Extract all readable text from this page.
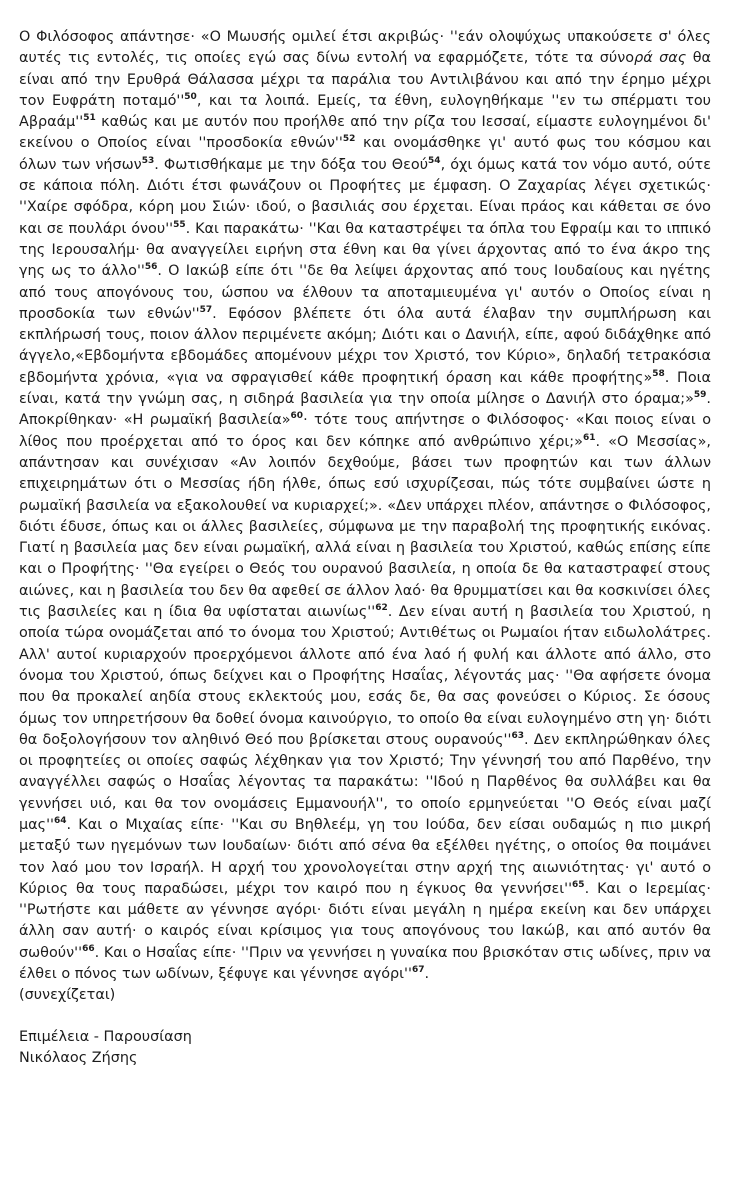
Ο Φιλόσοφος απάντησε· «Ο Μωυσής ομιλεί έτσι ακριβώς· ''εάν ολοψύχως υπακούσετε σ' όλες αυτές τις εντολές, τις οποίες εγώ σας δίνω εντολή να εφαρμόζετε, τότε τα σύνορά σας θα είναι από την Ερυθρά Θάλασσα μέχρι τα παράλια του Αντιλιβάνου και από την έρημο μέχρι τον Ευφράτη $\pi o\tau\alpha\mu ό''^{50}$, και τα λοιπά. Εμείς, τα έθνη, ευλογηθήκαμε ''εν τω σπέρματι του $A\beta\rho\alpha ά\mu''^{51}$ καθώς και με αυτόν που προήλθε από την ρίζα του Ιεσσαί, είμαστε ευλογημένοι δι' εκείνου ο Οποίος είναι ''προσδοκία $\varepsilon\theta\nu ώ\nu''^{52}$ και ονομάσθηκε γι' αυτό φως του κόσμου και όλων των νήσων$^{53}$. Φωτισθήκαμε με την δόξα του Θεού$^{54}$, όχι όμως κατά τον νόμο αυτό, ούτε σε κάποια πόλη. Διότι έτσι φωνάζουν οι Προφήτες με έμφαση. Ο Ζαχαρίας λέγει σχετικώς· ''Χαίρε σφόδρα, κόρη μου Σιών· ιδού, ο βασιλιάς σου έρχεται. Είναι πράος και κάθεται σε όνο και σε πουλάρι $ό\nu o\upsilon''^{55}$. Και παρακάτω· ''Και θα καταστρέψει τα όπλα του Εφραίμ και το ιππικό της Ιερουσαλήμ· θα αναγγείλει ειρήνη στα έθνη και θα γίνει άρχοντας από το ένα άκρο της γης ως το $ά\lambda\lambda o''^{56}$. Ο Ιακώβ είπε ότι ''δε θα λείψει άρχοντας από τους Ιουδαίους και ηγέτης από τους απογόνους του, ώσπου να έλθουν τα αποταμιευμένα γι' αυτόν ο Οποίος είναι η προσδοκία των $\varepsilon\theta\nu ώ\nu''^{57}$. Εφόσον βλέπετε ότι όλα αυτά έλαβαν την συμπλήρωση και εκπλήρωσή τους, ποιον άλλον περιμένετε ακόμη; Διότι και ο Δανιήλ, είπε, αφού διδάχθηκε από άγγελο,«Εβδομήντα εβδομάδες απομένουν μέχρι τον Χριστό, τον Κύριο», δηλαδή τετρακόσια εβδομήντα χρόνια, «για να σφραγισθεί κάθε προφητική όραση και κάθε προφήτης»$^{58}$. Ποια είναι, κατά την γνώμη σας, η σιδηρά βασιλεία για την οποία μίλησε ο Δανιήλ στο όραμα;»$^{59}$. Αποκρίθηκαν· «Η ρωμαϊκή βασιλεία»$^{60}$· τότε τους απήντησε ο Φιλόσοφος· «Και ποιος είναι ο λίθος που προέρχεται από το όρος και δεν κόπηκε από ανθρώπινο χέρι;»$^{61}$. «Ο Μεσσίας», απάντησαν και συνέχισαν «Αν λοιπόν δεχθούμε, βάσει των προφητών και των άλλων επιχειρημάτων ότι ο Μεσσίας ήδη ήλθε, όπως εσύ ισχυρίζεσαι, πώς τότε συμβαίνει ώστε η ρωμαϊκή βασιλεία να εξακολουθεί να κυριαρχεί;». «Δεν υπάρχει πλέον, απάντησε ο Φιλόσοφος, διότι έδυσε, όπως και οι άλλες βασιλείες, σύμφωνα με την παραβολή της προφητικής εικόνας. Γιατί η βασιλεία μας δεν είναι ρωμαϊκή, αλλά είναι η βασιλεία του Χριστού, καθώς επίσης είπε και ο Προφήτης· ''Θα εγείρει ο Θεός του ουρανού βασιλεία, η οποία δε θα καταστραφεί στους αιώνες, και η βασιλεία του δεν θα αφεθεί σε άλλον λαό· θα θρυμματίσει και θα κοσκινίσει όλες τις βασιλείες και η ίδια θα υφίσταται $\alpha\iota\omega\nu ί\omega\varsigma''^{62}$. Δεν είναι αυτή η βασιλεία του Χριστού, η οποία τώρα ονομάζεται από το όνομα του Χριστού; Αντιθέτως οι Ρωμαίοι ήταν ειδωλολάτρες. Αλλ' αυτοί κυριαρχούν προερχόμενοι άλλοτε από ένα λαό ή φυλή και άλλοτε από άλλο, στο όνομα του Χριστού, όπως δείχνει και ο Προφήτης Ησαΐας, λέγοντάς μας· ''Θα αφήσετε όνομα που θα προκαλεί αηδία στους εκλεκτούς μου, εσάς δε, θα σας φονεύσει ο Κύριος. Σε όσους όμως τον υπηρετήσουν θα δοθεί όνομα καινούργιο, το οποίο θα είναι ευλογημένο στη γη· διότι θα δοξολογήσουν τον αληθινό Θεό που βρίσκεται στους $o\upsilon\rho\alpha\nu oύ\varsigma''^{63}$. Δεν εκπληρώθηκαν όλες οι προφητείες οι οποίες σαφώς λέχθηκαν για τον Χριστό; Την γέννησή του από Παρθένο, την αναγγέλλει σαφώς ο Ησαΐας λέγοντας τα παρακάτω: ''Ιδού η Παρθένος θα συλλάβει και θα γεννήσει υιό, και θα τον ονομάσεις Εμμανουήλ'', το οποίο ερμηνεύεται ''Ο Θεός είναι μαζί $\mu\alpha\varsigma''^{64}$. Και ο Μιχαίας είπε· ''Και συ Βηθλεέμ, γη του Ιούδα, δεν είσαι ουδαμώς η πιο μικρή μεταξύ των ηγεμόνων των Ιουδαίων· διότι από σένα θα εξέλθει ηγέτης, ο οποίος θα ποιμάνει τον λαό μου τον Ισραήλ. Η αρχή του χρονολογείται στην αρχή της αιωνιότητας· γι' αυτό ο Κύριος θα τους παραδώσει, μέχρι τον καιρό που η έγκυος θα $\gamma\varepsilon\nu\nu ή\sigma\varepsilon\iota''^{65}$. Και ο Ιερεμίας· ''Ρωτήστε και μάθετε αν γέννησε αγόρι· διότι είναι μεγάλη η ημέρα εκείνη και δεν υπάρχει άλλη σαν αυτή· ο καιρός είναι κρίσιμος για τους απογόνους του Ιακώβ, και από αυτόν θα $\sigma\omega\theta oύ\nu''^{66}$. Και ο Ησαΐας είπε· ''Πριν να γεννήσει η γυναίκα που βρισκόταν στις ωδίνες, πριν να έλθει ο πόνος των ωδίνων, ξέφυγε και γέννησε $\alpha\gamma ό\rho\iota''^{67}$.

(συνεχίζεται)

Επιμέλεια - Παρουσίαση
Νικόλαος Ζήσης
